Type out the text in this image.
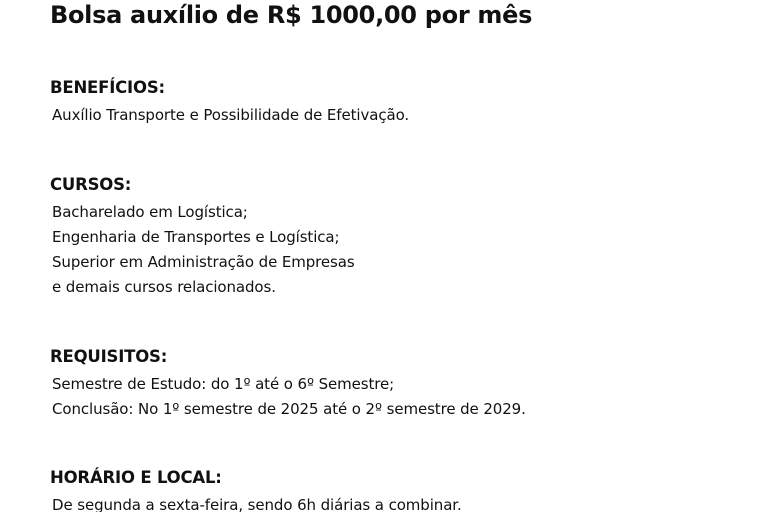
Bolsa auxílio de R$ 1000,00 por mês
BENEFÍCIOS:
Auxílio Transporte e Possibilidade de Efetivação.
CURSOS:
Bacharelado em Logística;
Engenharia de Transportes e Logística;
Superior em Administração de Empresas
e demais cursos relacionados.
REQUISITOS:
Semestre de Estudo: do 1º até o 6º Semestre;
Conclusão: No 1º semestre de 2025 até o 2º semestre de 2029.
HORÁRIO E LOCAL:
De segunda a sexta-feira, sendo 6h diárias a combinar.
